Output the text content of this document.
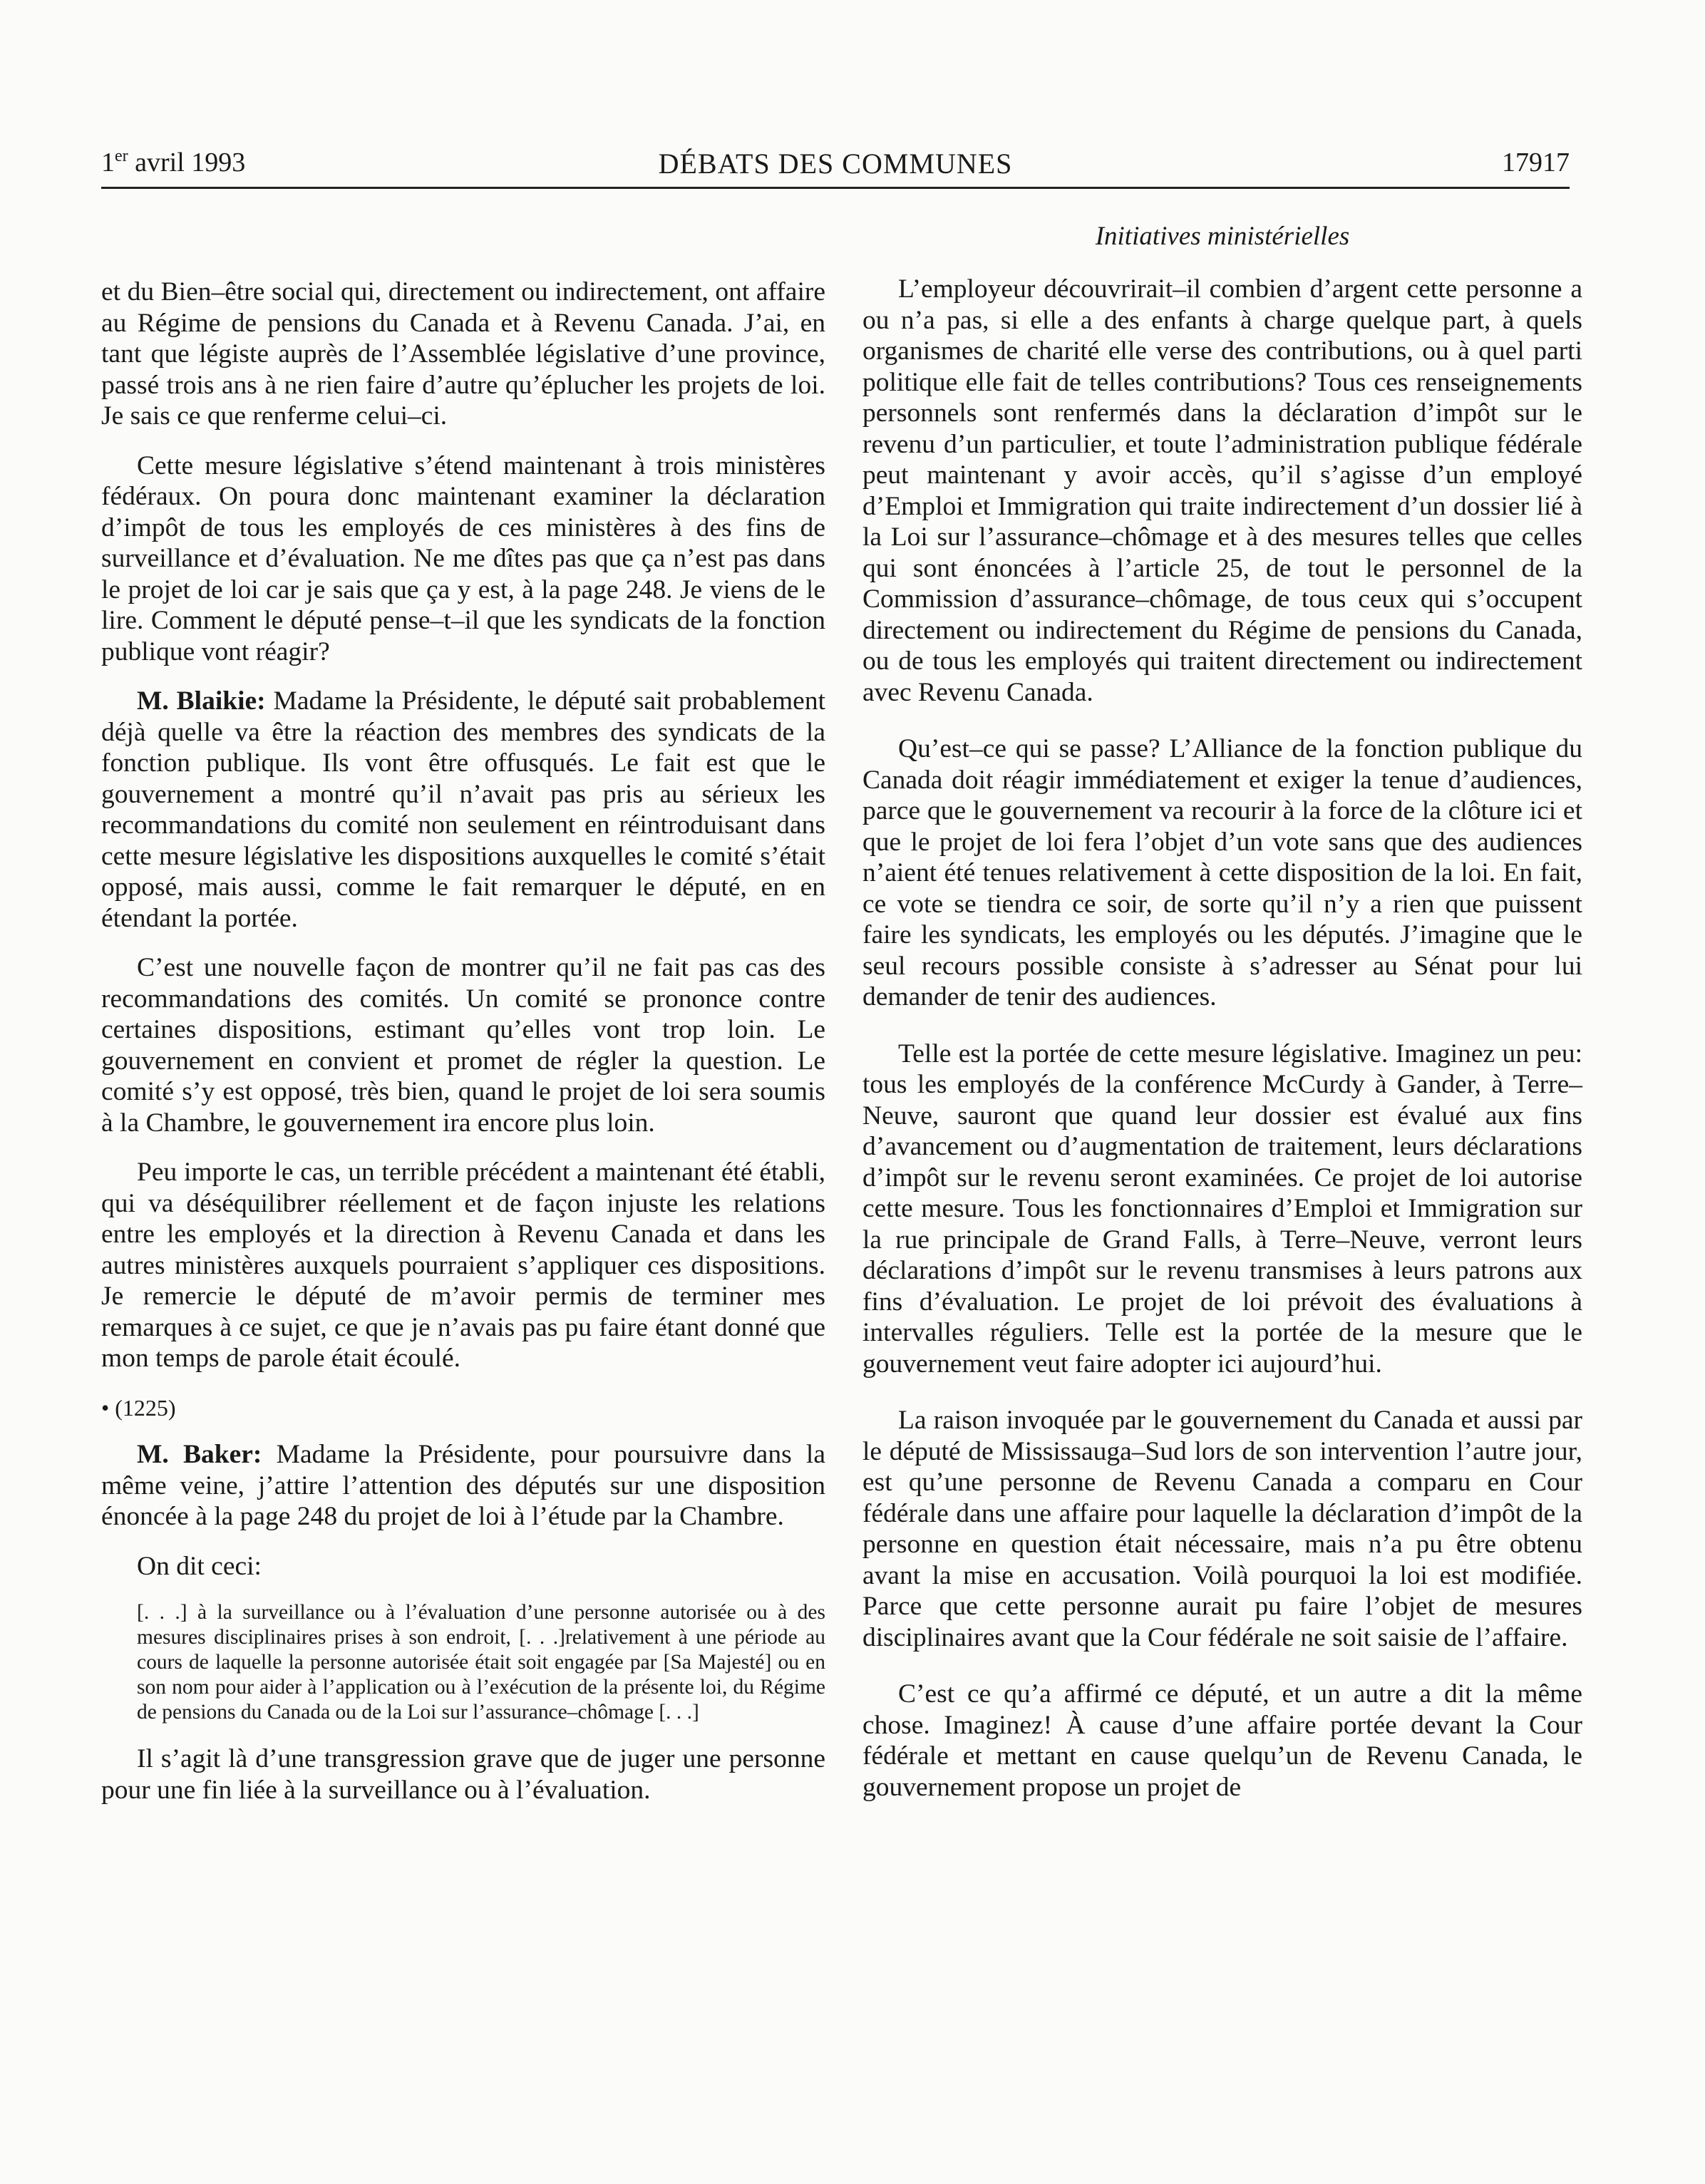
1er avril 1993	DÉBATS DES COMMUNES	17917
Initiatives ministérielles

et du Bien–être social qui, directement ou indirectement, ont affaire au Régime de pensions du Canada et à Revenu Canada. J’ai, en tant que légiste auprès de l’Assemblée législative d’une province, passé trois ans à ne rien faire d’autre qu’éplucher les projets de loi. Je sais ce que renferme celui–ci.

Cette mesure législative s’étend maintenant à trois ministères fédéraux. On poura donc maintenant examiner la déclaration d’impôt de tous les employés de ces ministères à des fins de surveillance et d’évaluation. Ne me dîtes pas que ça n’est pas dans le projet de loi car je sais que ça y est, à la page 248. Je viens de le lire. Comment le député pense–t–il que les syndicats de la fonction publique vont réagir?

M. Blaikie: Madame la Présidente, le député sait probablement déjà quelle va être la réaction des membres des syndicats de la fonction publique. Ils vont être offusqués. Le fait est que le gouvernement a montré qu’il n’avait pas pris au sérieux les recommandations du comité non seulement en réintroduisant dans cette mesure législative les dispositions auxquelles le comité s’était opposé, mais aussi, comme le fait remarquer le député, en en étendant la portée.

C’est une nouvelle façon de montrer qu’il ne fait pas cas des recommandations des comités. Un comité se prononce contre certaines dispositions, estimant qu’elles vont trop loin. Le gouvernement en convient et promet de régler la question. Le comité s’y est opposé, très bien, quand le projet de loi sera soumis à la Chambre, le gouvernement ira encore plus loin.

Peu importe le cas, un terrible précédent a maintenant été établi, qui va déséquilibrer réellement et de façon injuste les relations entre les employés et la direction à Revenu Canada et dans les autres ministères auxquels pourraient s’appliquer ces dispositions. Je remercie le député de m’avoir permis de terminer mes remarques à ce sujet, ce que je n’avais pas pu faire étant donné que mon temps de parole était écoulé.

• (1225)

M. Baker: Madame la Présidente, pour poursuivre dans la même veine, j’attire l’attention des députés sur une disposition énoncée à la page 248 du projet de loi à l’étude par la Chambre.

On dit ceci:

[. . .] à la surveillance ou à l’évaluation d’une personne autorisée ou à des mesures disciplinaires prises à son endroit, [. . .]relativement à une période au cours de laquelle la personne autorisée était soit engagée par [Sa Majesté] ou en son nom pour aider à l’application ou à l’exécution de la présente loi, du Régime de pensions du Canada ou de la Loi sur l’assurance–chômage [. . .]

Il s’agit là d’une transgression grave que de juger une personne pour une fin liée à la surveillance ou à l’évaluation.

L’employeur découvrirait–il combien d’argent cette personne a ou n’a pas, si elle a des enfants à charge quelque part, à quels organismes de charité elle verse des contributions, ou à quel parti politique elle fait de telles contributions? Tous ces renseignements personnels sont renfermés dans la déclaration d’impôt sur le revenu d’un particulier, et toute l’administration publique fédérale peut maintenant y avoir accès, qu’il s’agisse d’un employé d’Emploi et Immigration qui traite indirectement d’un dossier lié à la Loi sur l’assurance–chômage et à des mesures telles que celles qui sont énoncées à l’article 25, de tout le personnel de la Commission d’assurance–chômage, de tous ceux qui s’occupent directement ou indirectement du Régime de pensions du Canada, ou de tous les employés qui traitent directement ou indirectement avec Revenu Canada.

Qu’est–ce qui se passe? L’Alliance de la fonction publique du Canada doit réagir immédiatement et exiger la tenue d’audiences, parce que le gouvernement va recourir à la force de la clôture ici et que le projet de loi fera l’objet d’un vote sans que des audiences n’aient été tenues relativement à cette disposition de la loi. En fait, ce vote se tiendra ce soir, de sorte qu’il n’y a rien que puissent faire les syndicats, les employés ou les députés. J’imagine que le seul recours possible consiste à s’adresser au Sénat pour lui demander de tenir des audiences.

Telle est la portée de cette mesure législative. Imaginez un peu: tous les employés de la conférence McCurdy à Gander, à Terre–Neuve, sauront que quand leur dossier est évalué aux fins d’avancement ou d’augmentation de traitement, leurs déclarations d’impôt sur le revenu seront examinées. Ce projet de loi autorise cette mesure. Tous les fonctionnaires d’Emploi et Immigration sur la rue principale de Grand Falls, à Terre–Neuve, verront leurs déclarations d’impôt sur le revenu transmises à leurs patrons aux fins d’évaluation. Le projet de loi prévoit des évaluations à intervalles réguliers. Telle est la portée de la mesure que le gouvernement veut faire adopter ici aujourd’hui.

La raison invoquée par le gouvernement du Canada et aussi par le député de Mississauga–Sud lors de son intervention l’autre jour, est qu’une personne de Revenu Canada a comparu en Cour fédérale dans une affaire pour laquelle la déclaration d’impôt de la personne en question était nécessaire, mais n’a pu être obtenu avant la mise en accusation. Voilà pourquoi la loi est modifiée. Parce que cette personne aurait pu faire l’objet de mesures disciplinaires avant que la Cour fédérale ne soit saisie de l’affaire.

C’est ce qu’a affirmé ce député, et un autre a dit la même chose. Imaginez! À cause d’une affaire portée devant la Cour fédérale et mettant en cause quelqu’un de Revenu Canada, le gouvernement propose un projet de
